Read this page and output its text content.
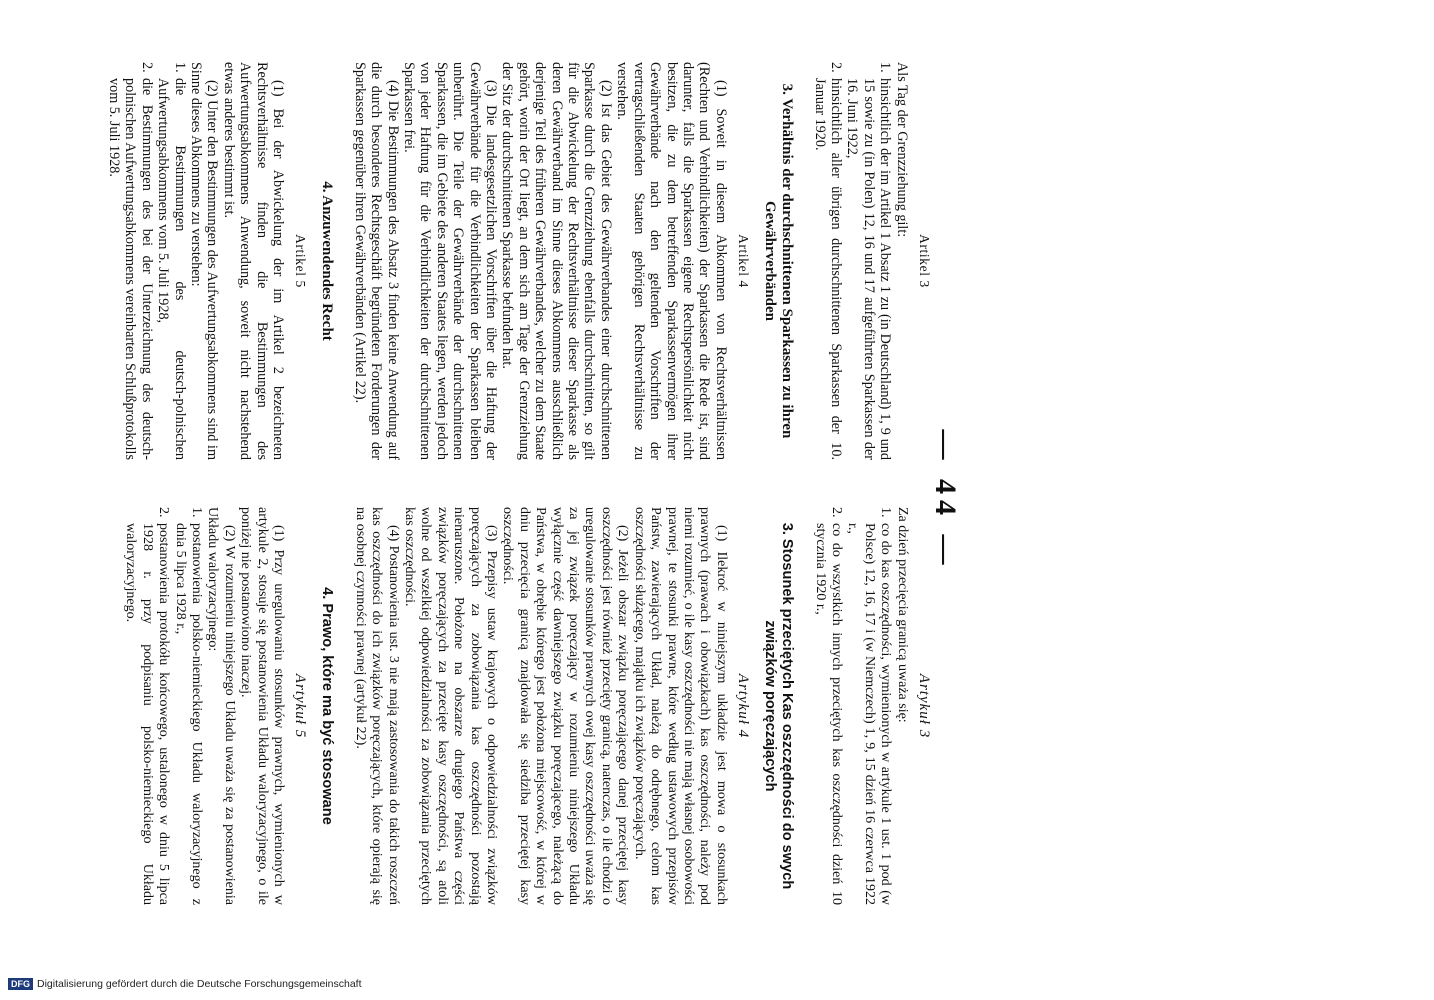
— 44 —
Artikel 3

Als Tag der Grenzziehung gilt:

1.
hinsichtlich der im Artikel 1 Absatz 1 zu (in Deutschland) 1, 9 und 15 sowie zu (in Polen) 12, 16 und 17 aufgeführten Sparkassen der 16. Juni 1922,
2.
hinsichtlich aller übrigen durchschnittenen Sparkassen der 10. Januar 1920.
3. Verhältnis der durchschnittenen Sparkassen zu ihren Gewährverbänden
Artikel 4

(1) Soweit in diesem Abkommen von Rechtsverhältnissen (Rechten und Verbindlichkeiten) der Sparkassen die Rede ist, sind darunter, falls die Sparkassen eigene Rechtspersönlichkeit nicht besitzen, die zu dem betreffenden Sparkassenvermögen ihrer Gewährverbände nach den geltenden Vorschriften der vertragschließenden Staaten gehörigen Rechtsverhältnisse zu verstehen.

(2) Ist das Gebiet des Gewährverbandes einer durchschnittenen Sparkasse durch die Grenzziehung ebenfalls durchschnitten, so gilt für die Abwickelung der Rechtsverhältnisse dieser Sparkasse als deren Gewährverband im Sinne dieses Abkommens ausschließlich derjenige Teil des früheren Gewährverbandes, welcher zu dem Staate gehört, worin der Ort liegt, an dem sich am Tage der Grenzziehung der Sitz der durchschnittenen Sparkasse befunden hat.

(3) Die landesgesetzlichen Vorschriften über die Haftung der Gewährverbände für die Verbindlichkeiten der Sparkassen bleiben unberührt. Die Teile der Gewährverbände der durchschnittenen Sparkassen, die im Gebiete des anderen Staates liegen, werden jedoch von jeder Haftung für die Verbindlichkeiten der durchschnittenen Sparkassen frei.

(4) Die Bestimmungen des Absatz 3 finden keine Anwendung auf die durch besonderes Rechtsgeschäft begründeten Forderungen der Sparkassen gegenüber ihren Gewährverbänden (Artikel 22).

4. Anzuwendendes Recht
Artikel 5

(1) Bei der Abwickelung der im Artikel 2 bezeichneten Rechtsverhältnisse finden die Bestimmungen des Aufwertungsabkommens Anwendung, soweit nicht nachstehend etwas anderes bestimmt ist.

(2) Unter den Bestimmungen des Aufwertungsabkommens sind im Sinne dieses Abkommens zu verstehen:

1.
die Bestimmungen des deutsch-polnischen Aufwertungsabkommens vom 5. Juli 1928,
2.
die Bestimmungen des bei der Unterzeichnung des deutsch-polnischen Aufwertungsabkommens vereinbarten Schlußprotokolls vom 5. Juli 1928.
Artykuł 3

Za dzień przecięcia granicą uważa się:

1.
co do kas oszczędności, wymienionych w artykule 1 ust. 1 pod (w Polsce) 12, 16, 17 i (w Niemczech) 1, 9, 15 dzień 16 czerwca 1922 r.,
2.
co do wszystkich innych przeciętych kas oszczędności dzień 10 stycznia 1920 r.,
3. Stosunek przeciętych Kas oszczędności do swych związków poręczających
Artykuł 4

(1) Ilekroć w niniejszym układzie jest mowa o stosunkach prawnych (prawach i obowiązkach) kas oszczędności, należy pod niemi rozumieć, o ile kasy oszczędności nie mają własnej osobowości prawnej, te stosunki prawne, które według ustawowych przepisów Państw, zawierających Układ, należą do odrębnego, celom kas oszczędności służącego, majątku ich związków poręczających.

(2) Jeżeli obszar związku poręczającego danej przeciętej kasy oszczędności jest również przecięty granicą, natenczas, o ile chodzi o uregulowanie stosunków prawnych owej kasy oszczędności uważa się za jej związek poręczający w rozumieniu niniejszego Układu wyłącznie część dawniejszego związku poręczającego, należącą do Państwa, w obrębie którego jest położona miejscowość, w której w dniu przecięcia granicą znajdowała się siedziba przeciętej kasy oszczędności.

(3) Przepisy ustaw krajowych o odpowiedzialności związków poręczających za zobowiązania kas oszczędności pozostają nienaruszone. Położone na obszarze drugiego Państwa części związków poręczających za przecięte kasy oszczędności, są atoli wolne od wszelkiej odpowiedzialności za zobowiązania przeciętych kas oszczędności.

(4) Postanowienia ust. 3 nie mają zastosowania do takich roszczeń kas oszczędności do ich związków poręczających, które opierają się na osobnej czynności prawnej (artykuł 22).

4. Prawo, które ma być stosowane
Artykuł 5

(1) Przy uregulowaniu stosunków prawnych, wymienionych w artykule 2, stosuje się postanowienia Układu waloryzacyjnego, o ile poniżej nie postanowiono inaczej.

(2) W rozumieniu niniejszego Układu uważa się za postanowienia Układu waloryzacyjnego:

1.
postanowienia polsko-niemieckiego Układu waloryzacyjnego z dnia 5 lipca 1928 r.,
2.
postanowienia protokółu końcowego, ustalonego w dniu 5 lipca 1928 r. przy podpisaniu polsko-niemieckiego Układu waloryzacyjnego.
DFG Digitalisierung gefördert durch die Deutsche Forschungsgemeinschaft
